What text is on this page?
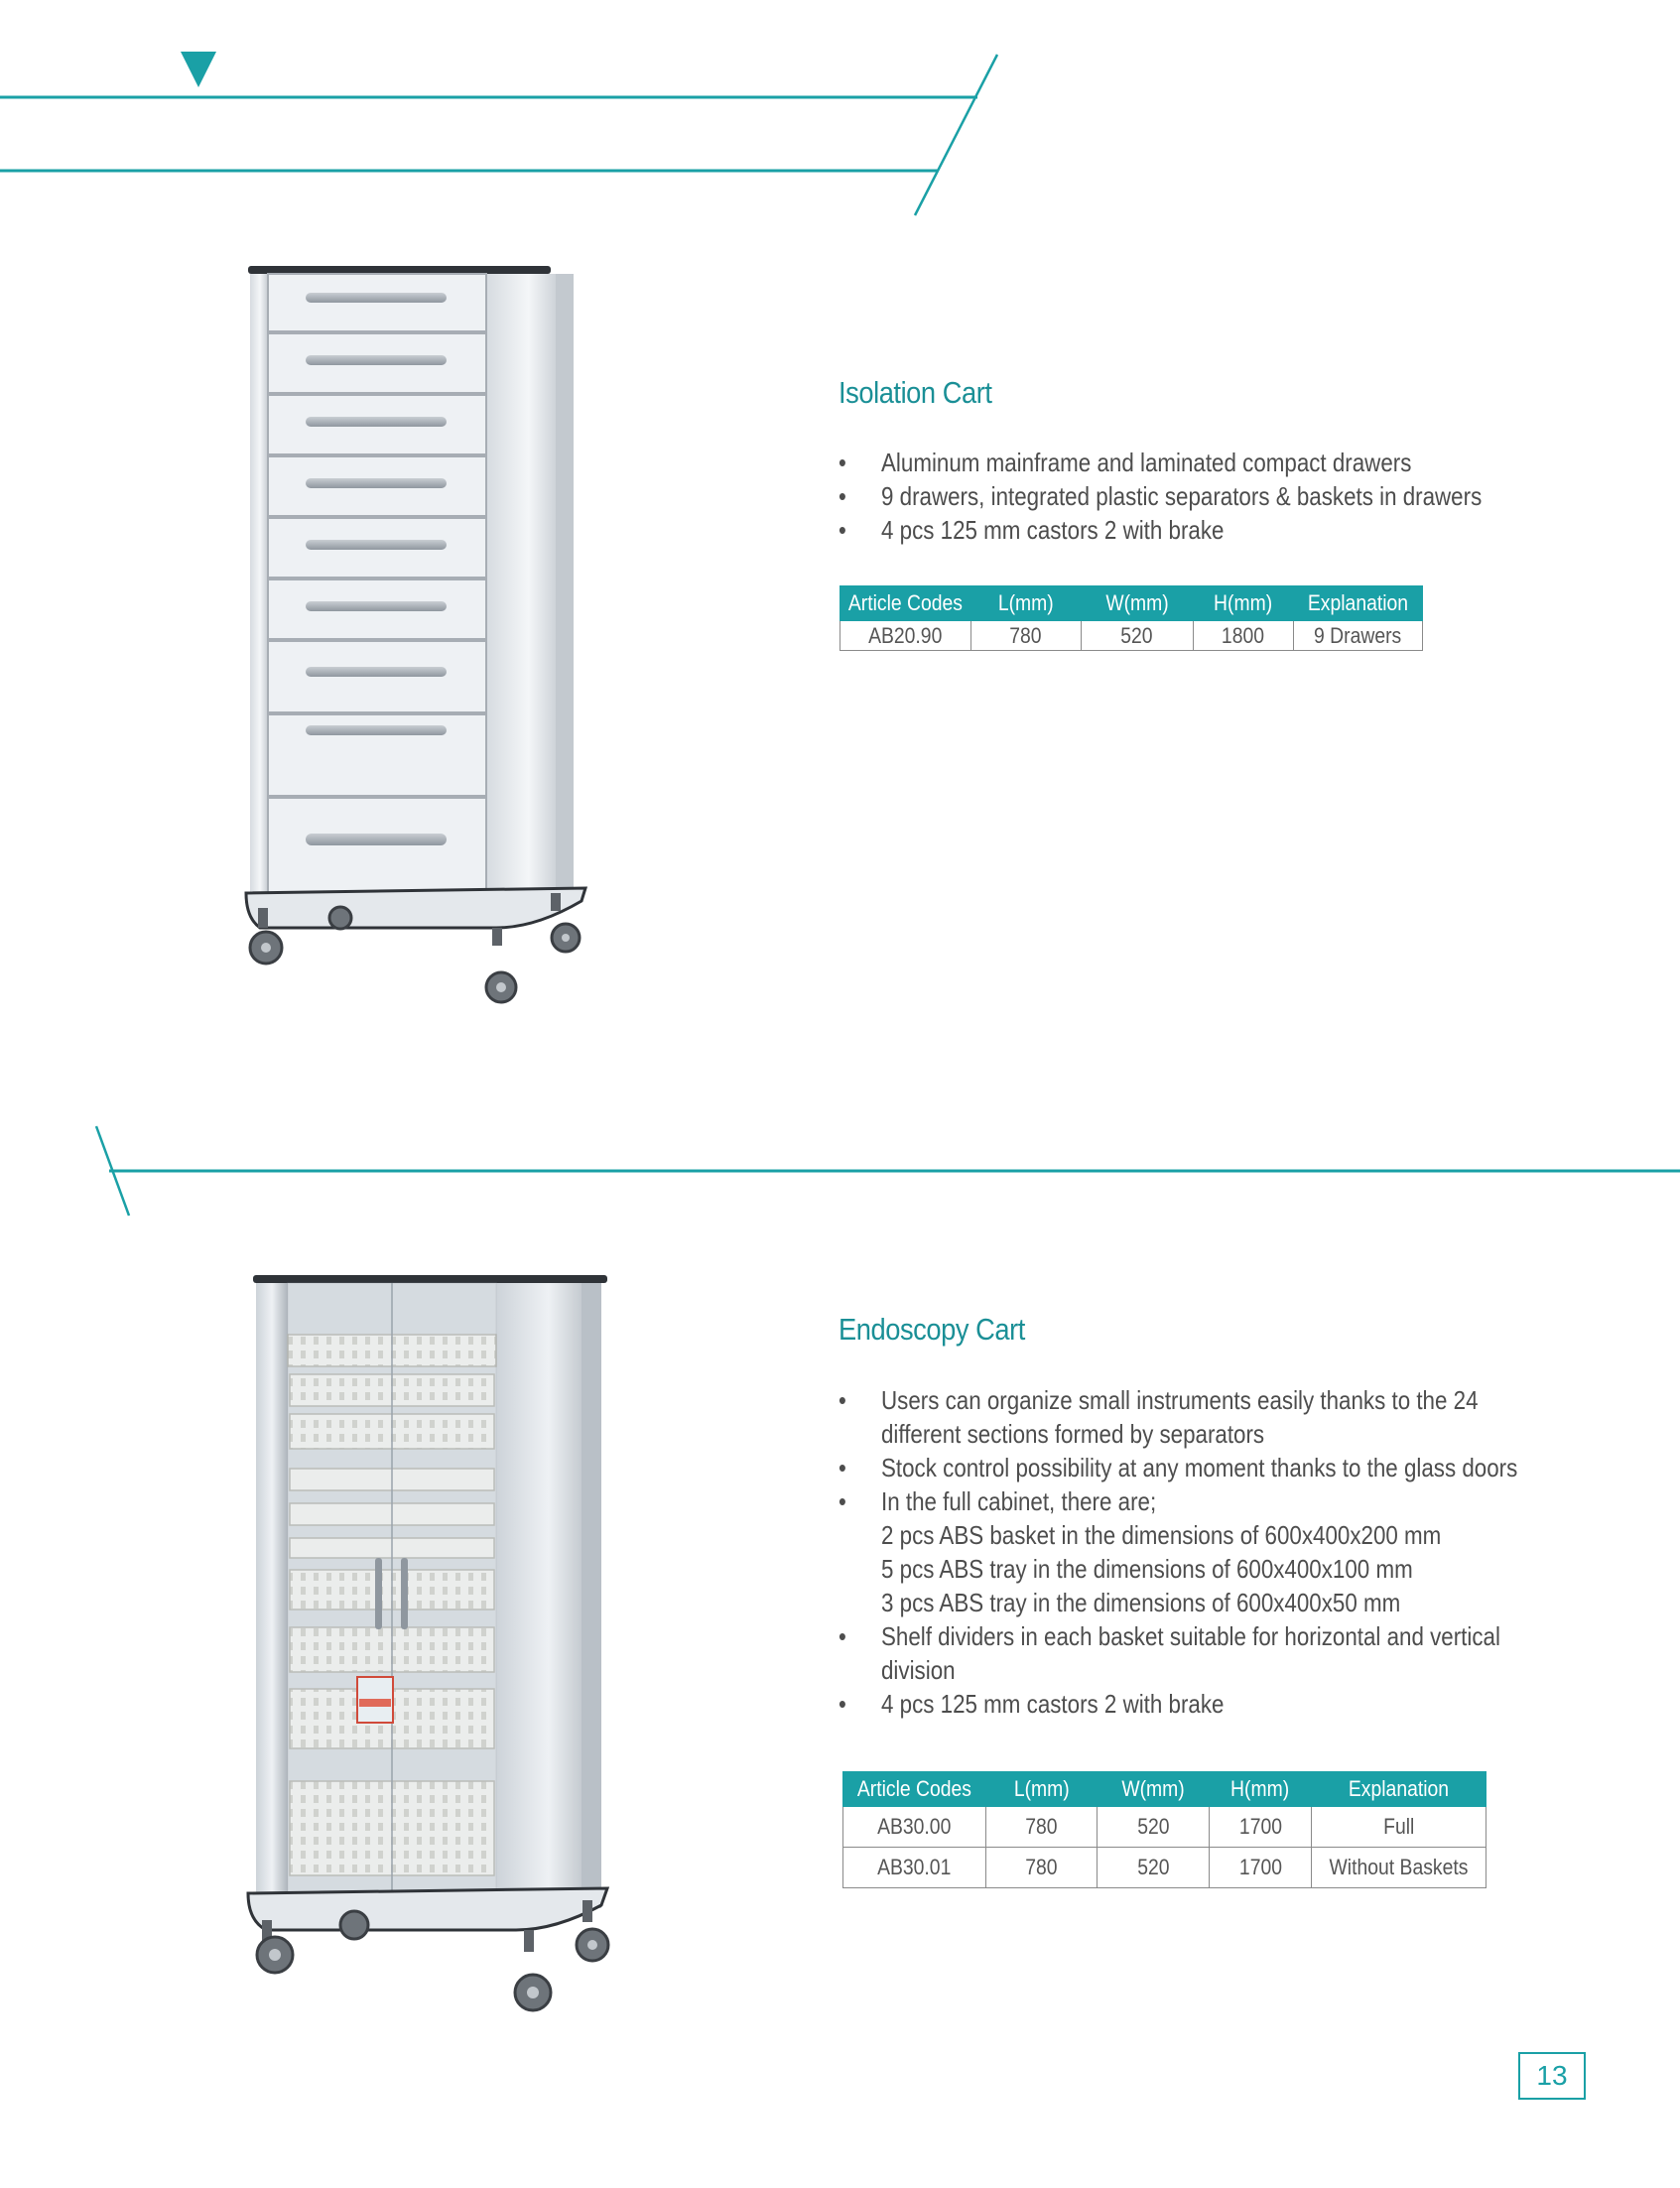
Isolation Cart
• Aluminum mainframe and laminated compact drawers
• 9 drawers, integrated plastic separators & baskets in drawers
• 4 pcs 125 mm castors 2 with brake
Article Codes	L(mm)	W(mm)	H(mm)	Explanation
AB20.90	780	520	1800	9 Drawers
Endoscopy Cart
• Users can organize small instruments easily thanks to the 24
different sections formed by separators
• Stock control possibility at any moment thanks to the glass doors
• In the full cabinet, there are;
2 pcs ABS basket in the dimensions of 600x400x200 mm
5 pcs ABS tray in the dimensions of 600x400x100 mm
3 pcs ABS tray in the dimensions of 600x400x50 mm
• Shelf dividers in each basket suitable for horizontal and vertical
division
• 4 pcs 125 mm castors 2 with brake
Article Codes	L(mm)	W(mm)	H(mm)	Explanation
AB30.00	780	520	1700	Full
AB30.01	780	520	1700	Without Baskets
13
